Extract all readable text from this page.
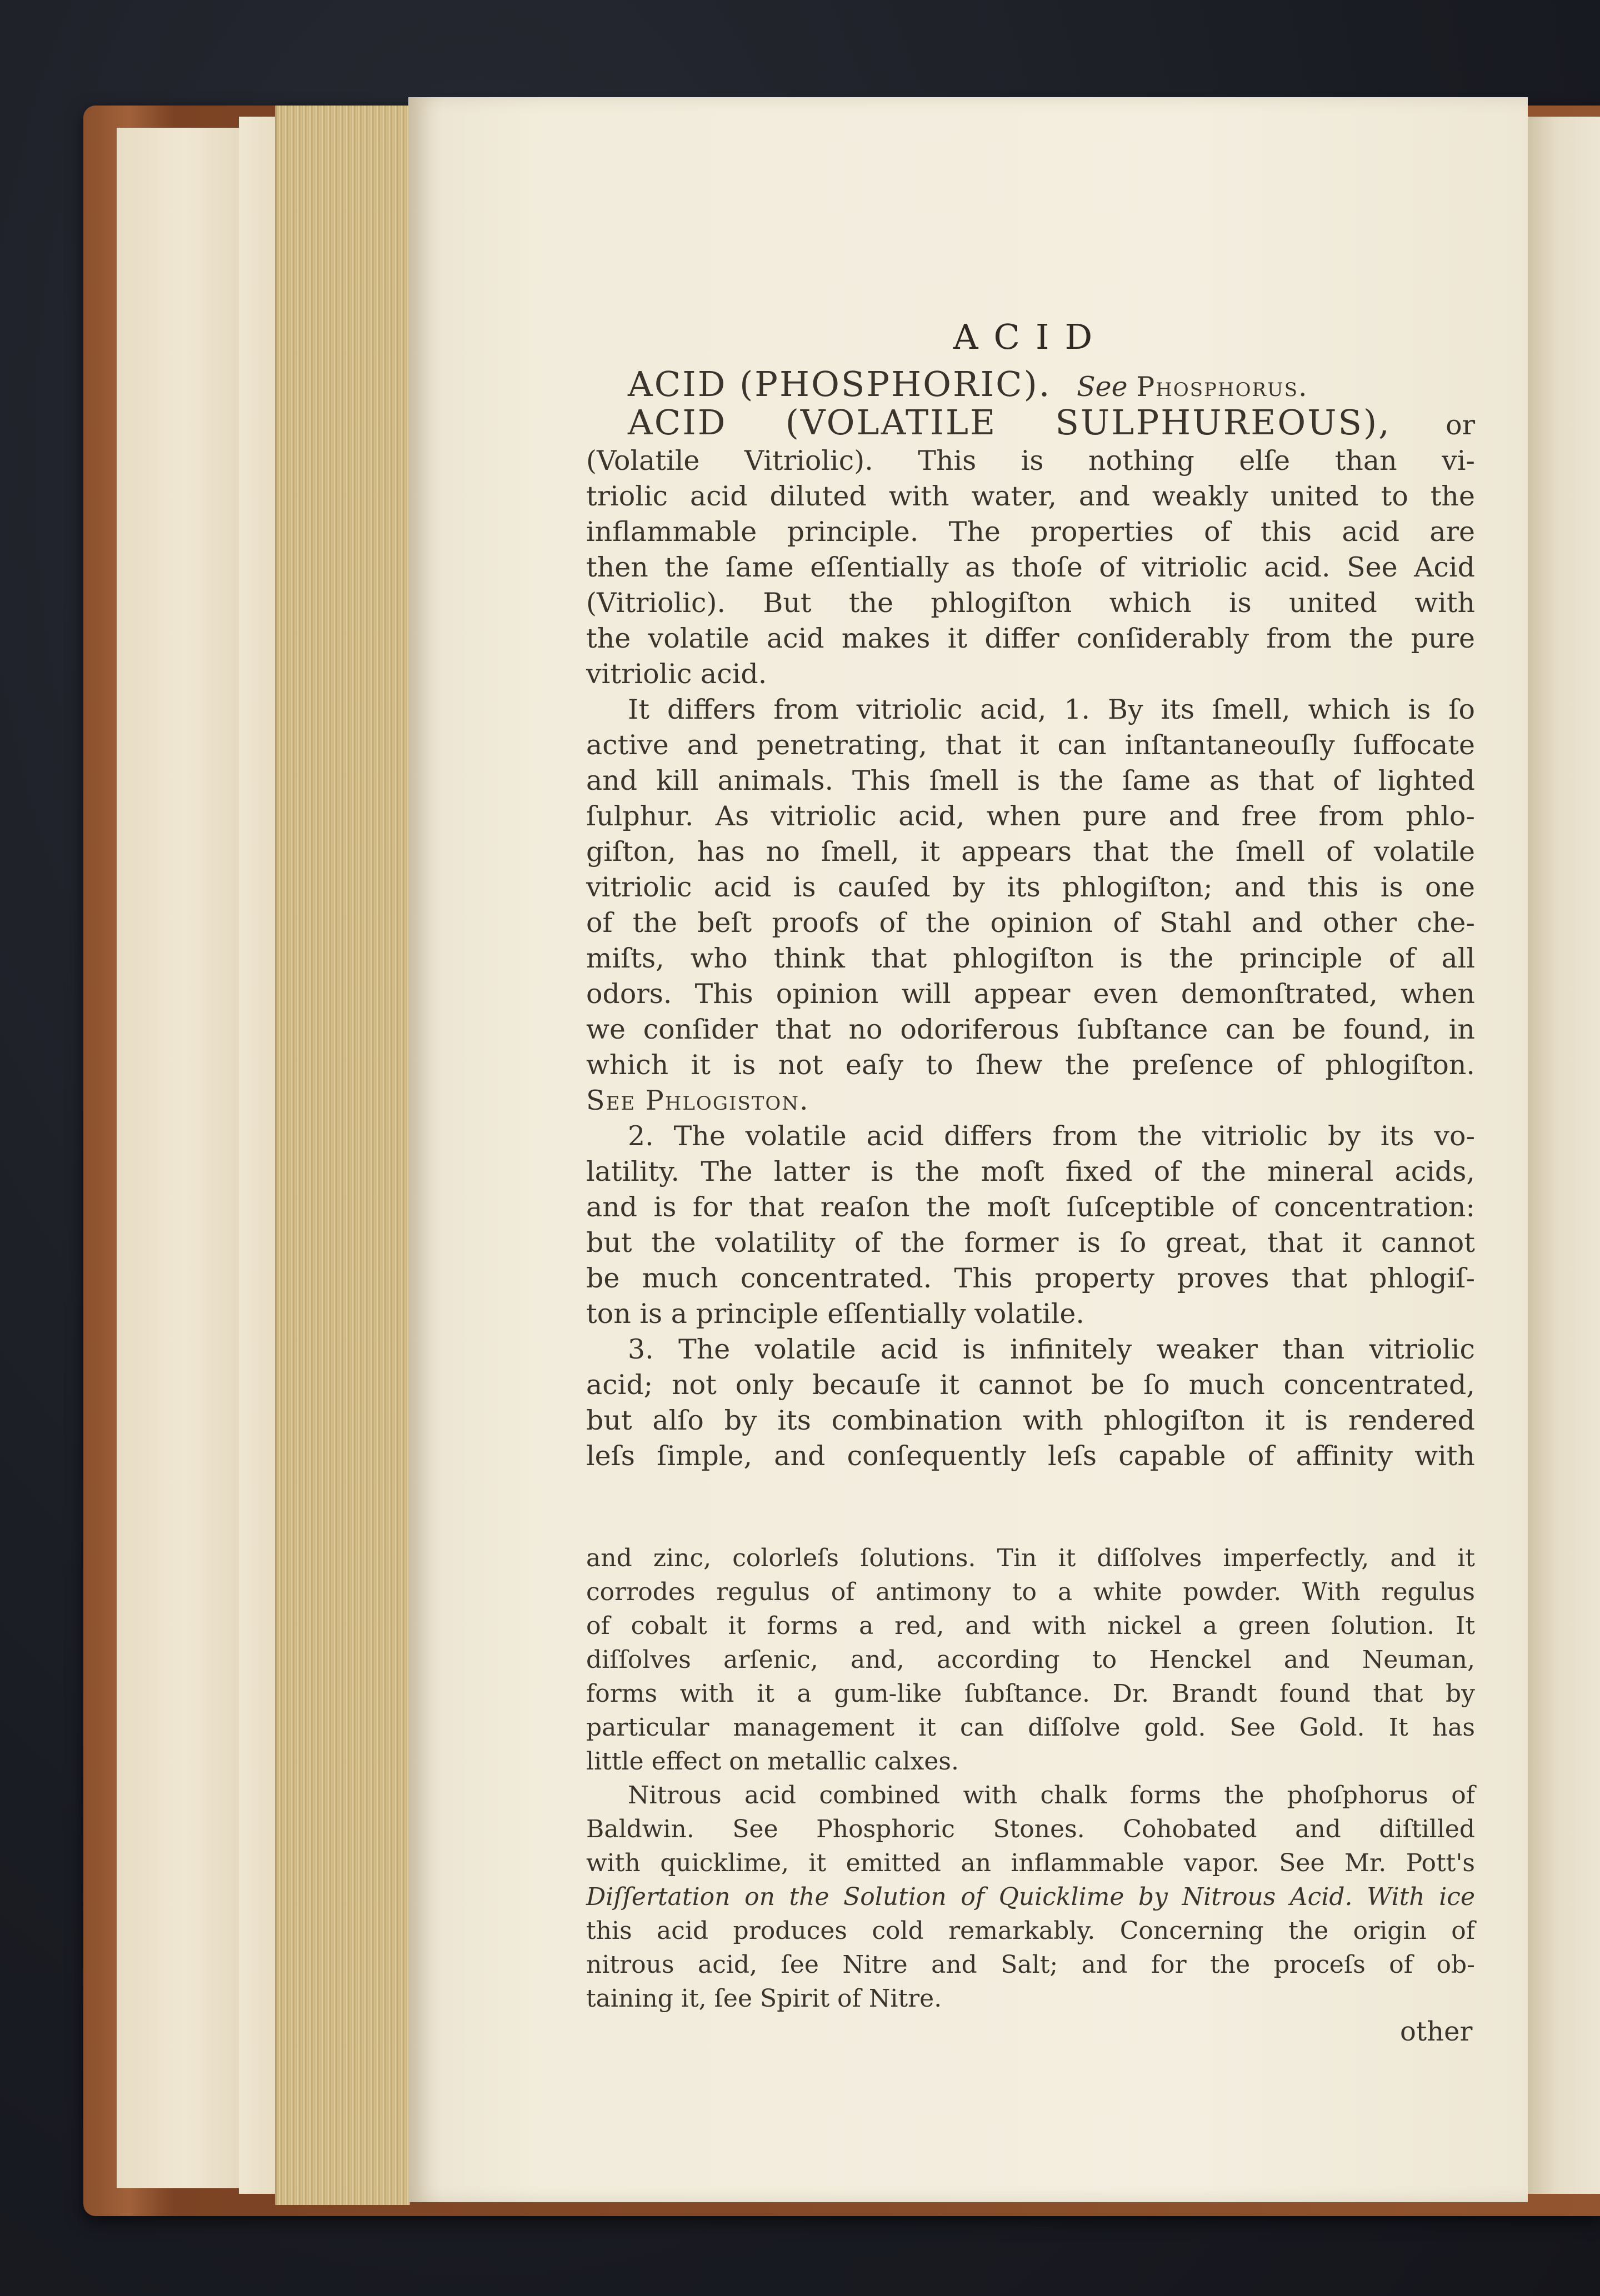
ACID
ACID (PHOSPHORIC). See Phosphorus.
ACID (VOLATILE SULPHUREOUS), or
(Volatile Vitriolic). This is nothing elſe than vi-
triolic acid diluted with water, and weakly united to the
inflammable principle. The properties of this acid are
then the ſame eſſentially as thoſe of vitriolic acid. See Acid
(Vitriolic). But the phlogiſton which is united with
the volatile acid makes it differ conſiderably from the pure
vitriolic acid.
It differs from vitriolic acid, 1. By its ſmell, which is ſo
active and penetrating, that it can inſtantaneouſly ſuffocate
and kill animals. This ſmell is the ſame as that of lighted
ſulphur. As vitriolic acid, when pure and free from phlo-
giſton, has no ſmell, it appears that the ſmell of volatile
vitriolic acid is cauſed by its phlogiſton; and this is one
of the beſt proofs of the opinion of Stahl and other che-
miſts, who think that phlogiſton is the principle of all
odors. This opinion will appear even demonſtrated, when
we conſider that no odoriferous ſubſtance can be found, in
which it is not eaſy to ſhew the preſence of phlogiſton.
See Phlogiston.
2. The volatile acid differs from the vitriolic by its vo-
latility. The latter is the moſt fixed of the mineral acids,
and is for that reaſon the moſt ſuſceptible of concentration:
but the volatility of the former is ſo great, that it cannot
be much concentrated. This property proves that phlogiſ-
ton is a principle eſſentially volatile.
3. The volatile acid is infinitely weaker than vitriolic
acid; not only becauſe it cannot be ſo much concentrated,
but alſo by its combination with phlogiſton it is rendered
leſs ſimple, and conſequently leſs capable of affinity with
and zinc, colorleſs ſolutions. Tin it diſſolves imperfectly, and it
corrodes regulus of antimony to a white powder. With regulus
of cobalt it forms a red, and with nickel a green ſolution. It
diſſolves arſenic, and, according to Henckel and Neuman,
forms with it a gum-like ſubſtance. Dr. Brandt found that by
particular management it can diſſolve gold. See Gold. It has
little effect on metallic calxes.
Nitrous acid combined with chalk forms the phoſphorus of
Baldwin. See Phosphoric Stones. Cohobated and diſtilled
with quicklime, it emitted an inflammable vapor. See Mr. Pott's
Diſſertation on the Solution of Quicklime by Nitrous Acid. With ice
this acid produces cold remarkably. Concerning the origin of
nitrous acid, ſee Nitre and Salt; and for the proceſs of ob-
taining it, ſee Spirit of Nitre.
other
